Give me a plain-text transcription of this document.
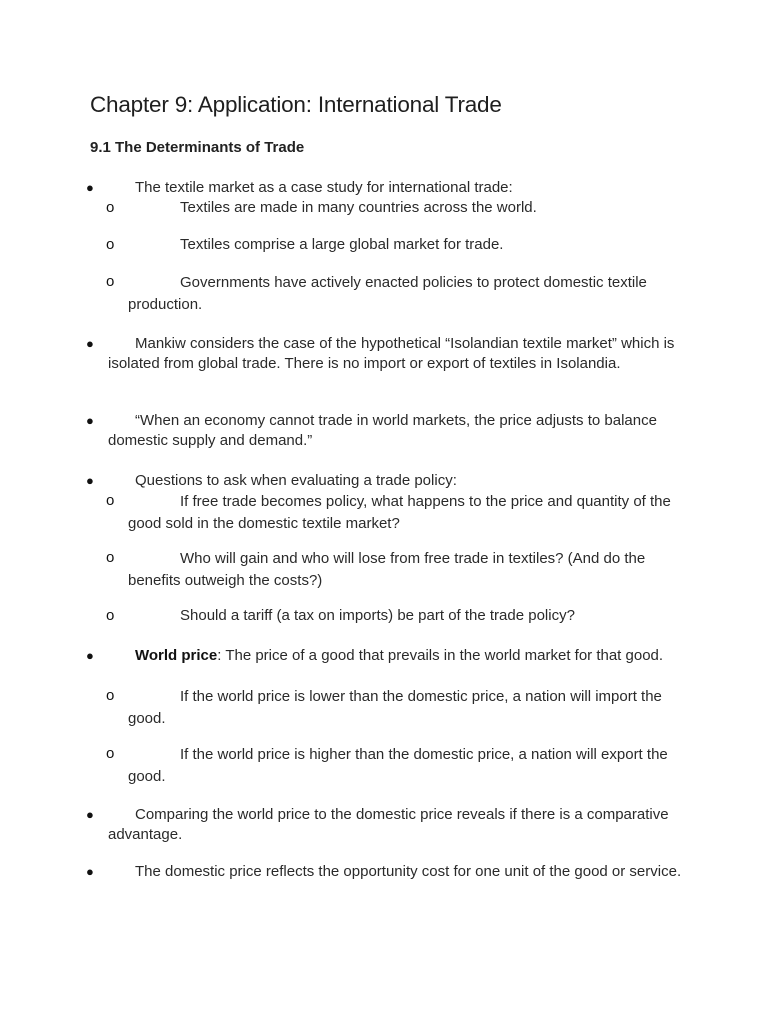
Chapter 9: Application: International Trade
9.1 The Determinants of Trade
●	The textile market as a case study for international trade:
o	Textiles are made in many countries across the world.
o	Textiles comprise a large global market for trade.
o	Governments have actively enacted policies to protect domestic textile production.
●	Mankiw considers the case of the hypothetical “Isolandian textile market” which is isolated from global trade. There is no import or export of textiles in Isolandia.
●	“When an economy cannot trade in world markets, the price adjusts to balance domestic supply and demand.”
●	Questions to ask when evaluating a trade policy:
o	If free trade becomes policy, what happens to the price and quantity of the good sold in the domestic textile market?
o	Who will gain and who will lose from free trade in textiles? (And do the benefits outweigh the costs?)
o	Should a tariff (a tax on imports) be part of the trade policy?
●	World price: The price of a good that prevails in the world market for that good.
o	If the world price is lower than the domestic price, a nation will import the good.
o	If the world price is higher than the domestic price, a nation will export the good.
●	Comparing the world price to the domestic price reveals if there is a comparative advantage.
●	The domestic price reflects the opportunity cost for one unit of the good or service.
